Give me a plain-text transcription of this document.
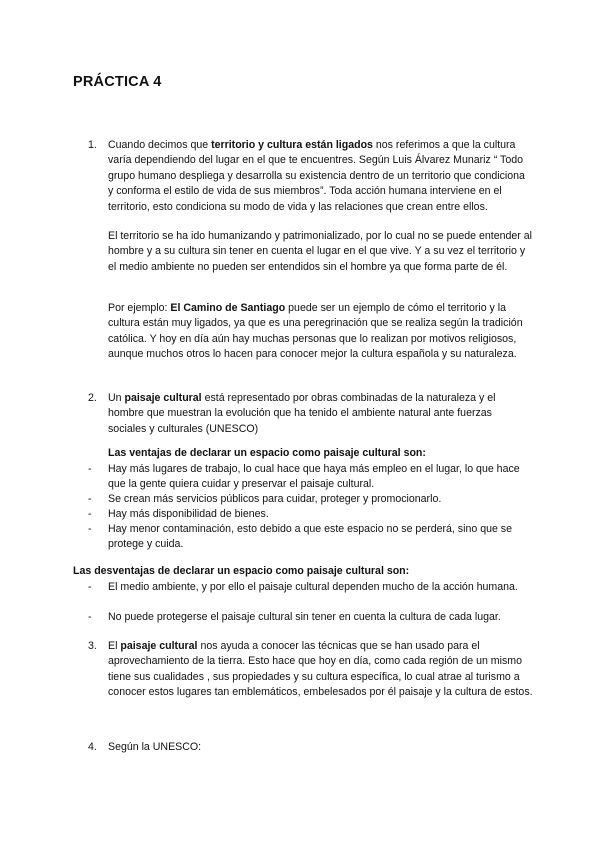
PRÁCTICA 4
1. Cuando decimos que territorio y cultura están ligados nos referimos a que la cultura varía dependiendo del lugar en el que te encuentres. Según Luis Álvarez Munariz “ Todo grupo humano despliega y desarrolla su existencia dentro de un territorio que condiciona y conforma el estilo de vida de sus miembros”. Toda acción humana interviene en el territorio, esto condiciona su modo de vida y las relaciones que crean entre ellos.

El territorio se ha ido humanizando y patrimonializado, por lo cual no se puede entender al hombre y a su cultura sin tener en cuenta el lugar en el que vive. Y a su vez el territorio y el medio ambiente no pueden ser entendidos sin el hombre ya que forma parte de él.

Por ejemplo: El Camino de Santiago puede ser un ejemplo de cómo el territorio y la cultura están muy ligados, ya que es una peregrinación que se realiza según la tradición católica. Y hoy en día aún hay muchas personas que lo realizan por motivos religiosos, aunque muchos otros lo hacen para conocer mejor la cultura española y su naturaleza.

2. Un paisaje cultural está representado por obras combinadas de la naturaleza y el hombre que muestran la evolución que ha tenido el ambiente natural ante fuerzas sociales y culturales (UNESCO)

Las ventajas de declarar un espacio como paisaje cultural son:
- Hay más lugares de trabajo, lo cual hace que haya más empleo en el lugar, lo que hace que la gente quiera cuidar y preservar el paisaje cultural.
- Se crean más servicios públicos para cuidar, proteger y promocionarlo.
- Hay más disponibilidad de bienes.
- Hay menor contaminación, esto debido a que este espacio no se perderá, sino que se protege y cuida.
Las desventajas de declarar un espacio como paisaje cultural son:
- El medio ambiente, y por ello el paisaje cultural dependen mucho de la acción humana.
- No puede protegerse el paisaje cultural sin tener en cuenta la cultura de cada lugar.
3. El paisaje cultural nos ayuda a conocer las técnicas que se han usado para el aprovechamiento de la tierra. Esto hace que hoy en día, como cada región de un mismo tiene sus cualidades , sus propiedades y su cultura específica, lo cual atrae al turismo a conocer estos lugares tan emblemáticos, embelesados por él paisaje y la cultura de estos.

4. Según la UNESCO:
